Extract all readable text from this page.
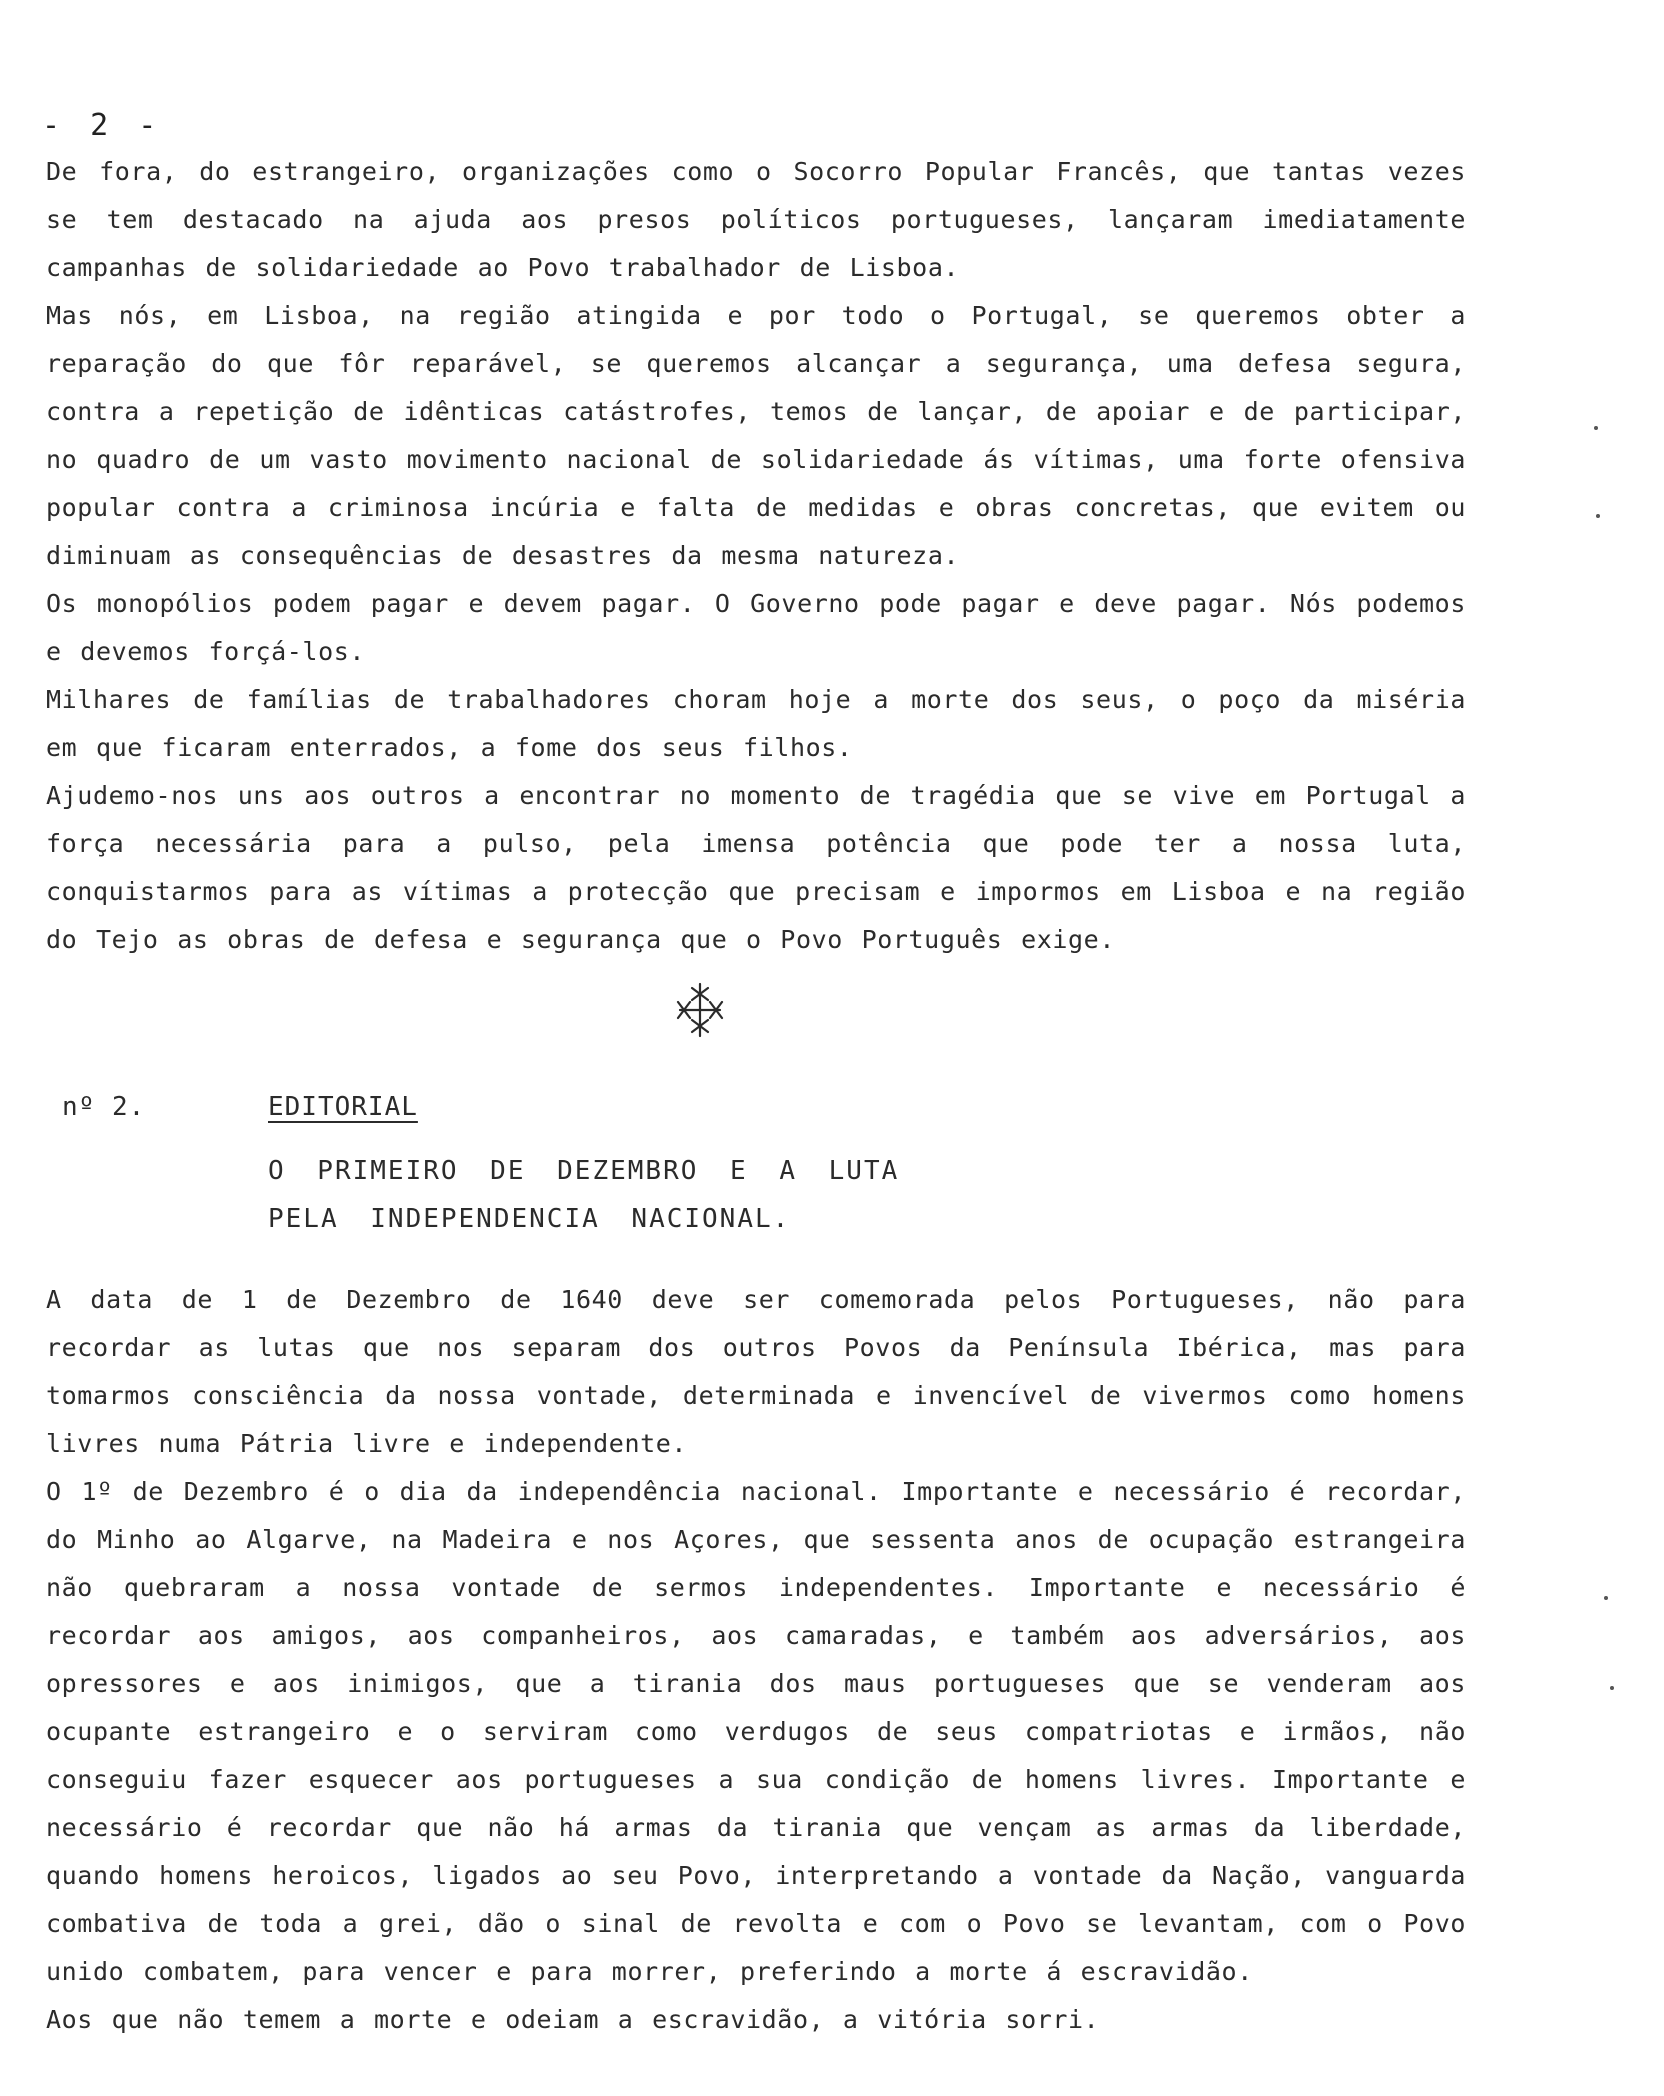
- 2 -
De fora, do estrangeiro, organizações como o Socorro Popular Francês, que tantas vezes se tem destacado na ajuda aos presos políticos portugueses, lançaram imediatamente campanhas de solidariedade ao Povo trabalhador de Lisboa.
Mas nós, em Lisboa, na região atingida e por todo o Portugal, se queremos obter a reparação do que fôr reparável, se queremos alcançar a segurança, uma defesa segura, contra a repetição de idênticas catástrofes, temos de lançar, de apoiar e de participar, no quadro de um vasto movimento nacional de solidariedade ás vítimas, uma forte ofensiva popular contra a criminosa incúria e falta de medidas e obras concretas, que evitem ou diminuam as consequências de desastres da mesma natureza.
Os monopólios podem pagar e devem pagar. O Governo pode pagar e deve pagar. Nós podemos e devemos forçá-los.
Milhares de famílias de trabalhadores choram hoje a morte dos seus, o poço da miséria em que ficaram enterrados, a fome dos seus filhos.
Ajudemo-nos uns aos outros a encontrar no momento de tragédia que se vive em Portugal a força necessária para a pulso, pela imensa potência que pode ter a nossa luta, conquistarmos para as vítimas a protecção que precisam e impormos em Lisboa e na região do Tejo as obras de defesa e segurança que o Povo Português exige.
nº 2.	EDITORIAL
O PRIMEIRO DE DEZEMBRO E A LUTA
PELA INDEPENDENCIA NACIONAL.
A data de 1 de Dezembro de 1640 deve ser comemorada pelos Portugueses, não para recordar as lutas que nos separam dos outros Povos da Península Ibérica, mas para tomarmos consciência da nossa vontade, determinada e invencível de vivermos como homens livres numa Pátria livre e independente.
O 1º de Dezembro é o dia da independência nacional. Importante e necessário é recordar, do Minho ao Algarve, na Madeira e nos Açores, que sessenta anos de ocupação estrangeira não quebraram a nossa vontade de sermos independentes. Importante e necessário é recordar aos amigos, aos companheiros, aos camaradas, e também aos adversários, aos opressores e aos inimigos, que a tirania dos maus portugueses que se venderam aos ocupante estrangeiro e o serviram como verdugos de seus compatriotas e irmãos, não conseguiu fazer esquecer aos portugueses a sua condição de homens livres. Importante e necessário é recordar que não há armas da tirania que vençam as armas da liberdade, quando homens heroicos, ligados ao seu Povo, interpretando a vontade da Nação, vanguarda combativa de toda a grei, dão o sinal de revolta e com o Povo se levantam, com o Povo unido combatem, para vencer e para morrer, preferindo a morte á escravidão.
Aos que não temem a morte e odeiam a escravidão, a vitória sorri.
